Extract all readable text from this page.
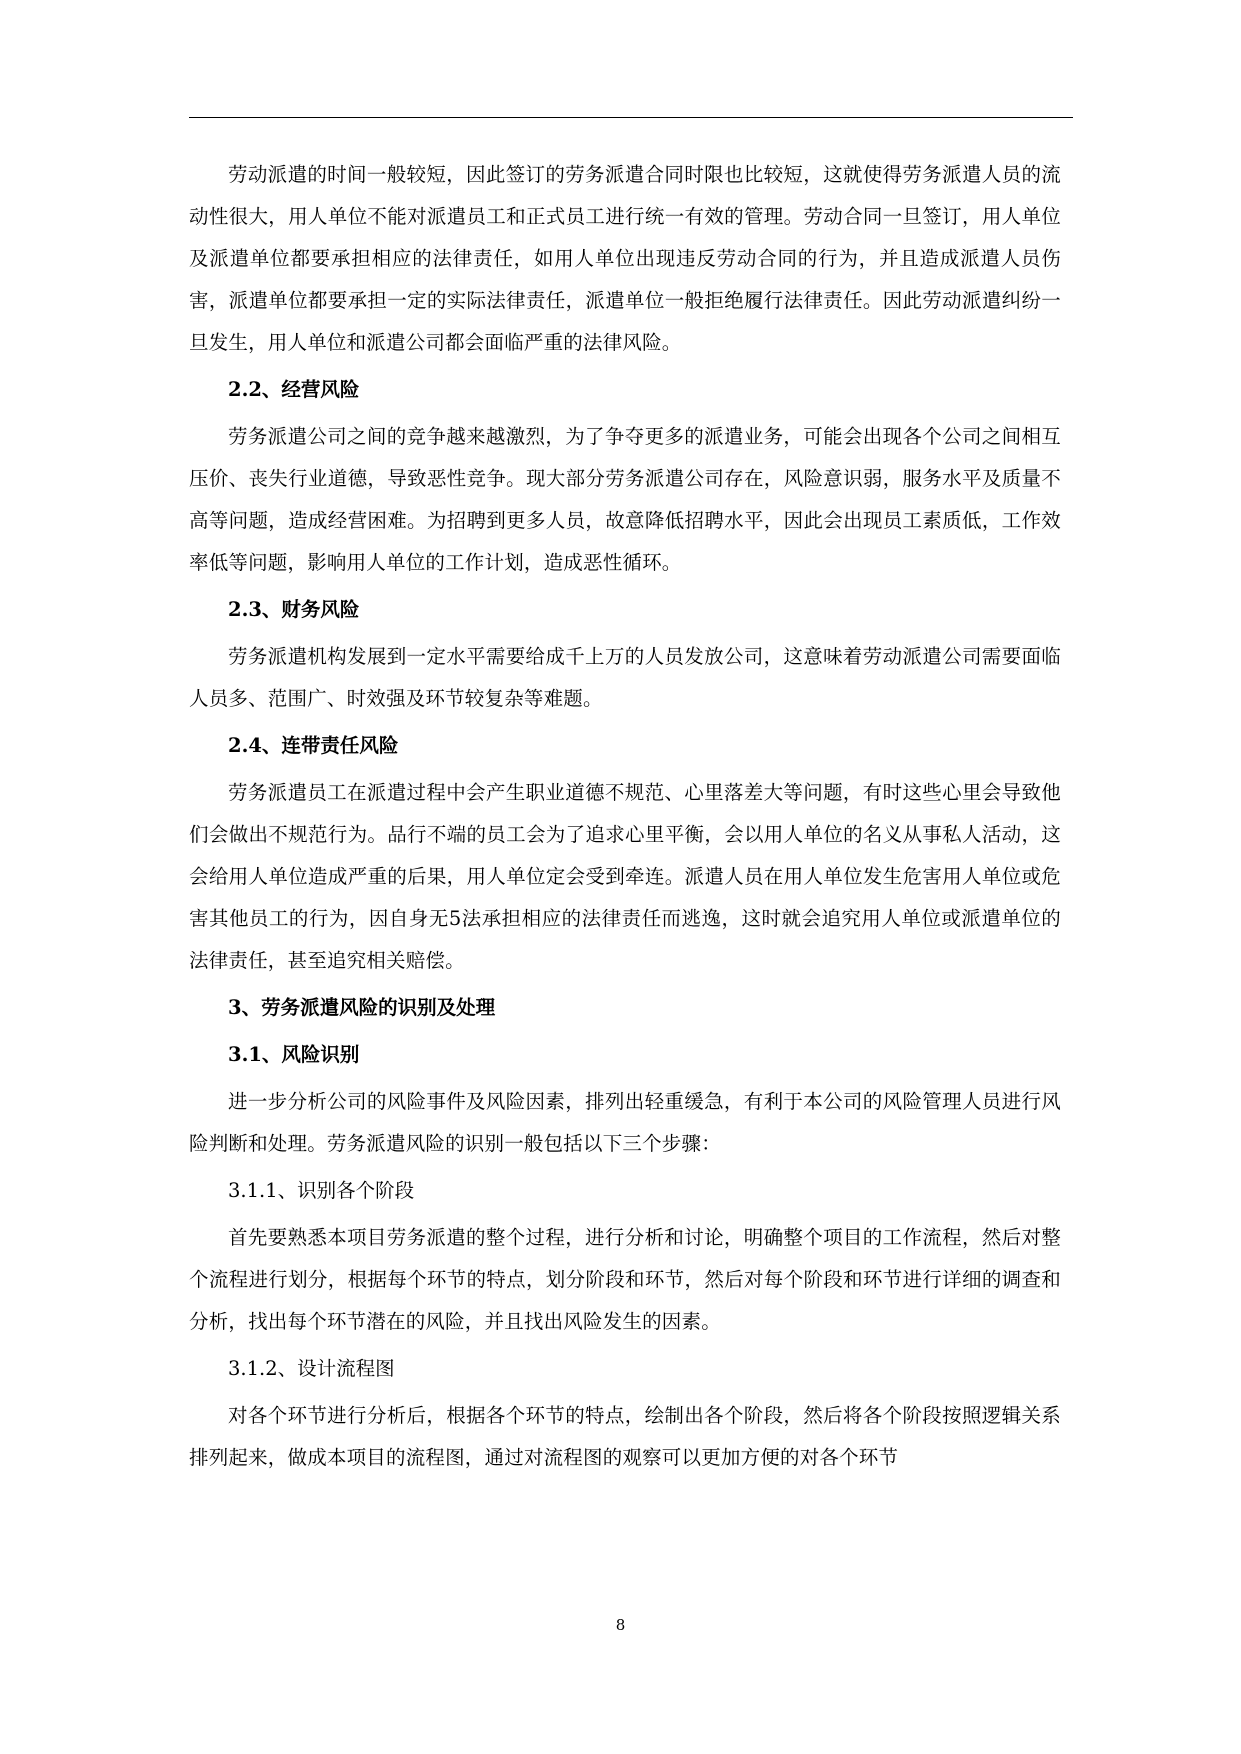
劳动派遣的时间一般较短，因此签订的劳务派遣合同时限也比较短，这就使得劳务派遣人员的流动性很大，用人单位不能对派遣员工和正式员工进行统一有效的管理。劳动合同一旦签订，用人单位及派遣单位都要承担相应的法律责任，如用人单位出现违反劳动合同的行为，并且造成派遣人员伤害，派遣单位都要承担一定的实际法律责任，派遣单位一般拒绝履行法律责任。因此劳动派遣纠纷一旦发生，用人单位和派遣公司都会面临严重的法律风险。

2.2、经营风险

劳务派遣公司之间的竞争越来越激烈，为了争夺更多的派遣业务，可能会出现各个公司之间相互压价、丧失行业道德，导致恶性竞争。现大部分劳务派遣公司存在，风险意识弱，服务水平及质量不高等问题，造成经营困难。为招聘到更多人员，故意降低招聘水平，因此会出现员工素质低，工作效率低等问题，影响用人单位的工作计划，造成恶性循环。

2.3、财务风险

劳务派遣机构发展到一定水平需要给成千上万的人员发放公司，这意味着劳动派遣公司需要面临人员多、范围广、时效强及环节较复杂等难题。

2.4、连带责任风险

劳务派遣员工在派遣过程中会产生职业道德不规范、心里落差大等问题，有时这些心里会导致他们会做出不规范行为。品行不端的员工会为了追求心里平衡，会以用人单位的名义从事私人活动，这会给用人单位造成严重的后果，用人单位定会受到牵连。派遣人员在用人单位发生危害用人单位或危害其他员工的行为，因自身无5法承担相应的法律责任而逃逸，这时就会追究用人单位或派遣单位的法律责任，甚至追究相关赔偿。

3、劳务派遣风险的识别及处理
3.1、风险识别

进一步分析公司的风险事件及风险因素，排列出轻重缓急，有利于本公司的风险管理人员进行风险判断和处理。劳务派遣风险的识别一般包括以下三个步骤：

3.1.1、识别各个阶段

首先要熟悉本项目劳务派遣的整个过程，进行分析和讨论，明确整个项目的工作流程，然后对整个流程进行划分，根据每个环节的特点，划分阶段和环节，然后对每个阶段和环节进行详细的调查和分析，找出每个环节潜在的风险，并且找出风险发生的因素。

3.1.2、设计流程图

对各个环节进行分析后，根据各个环节的特点，绘制出各个阶段，然后将各个阶段按照逻辑关系排列起来，做成本项目的流程图，通过对流程图的观察可以更加方便的对各个环节

8
